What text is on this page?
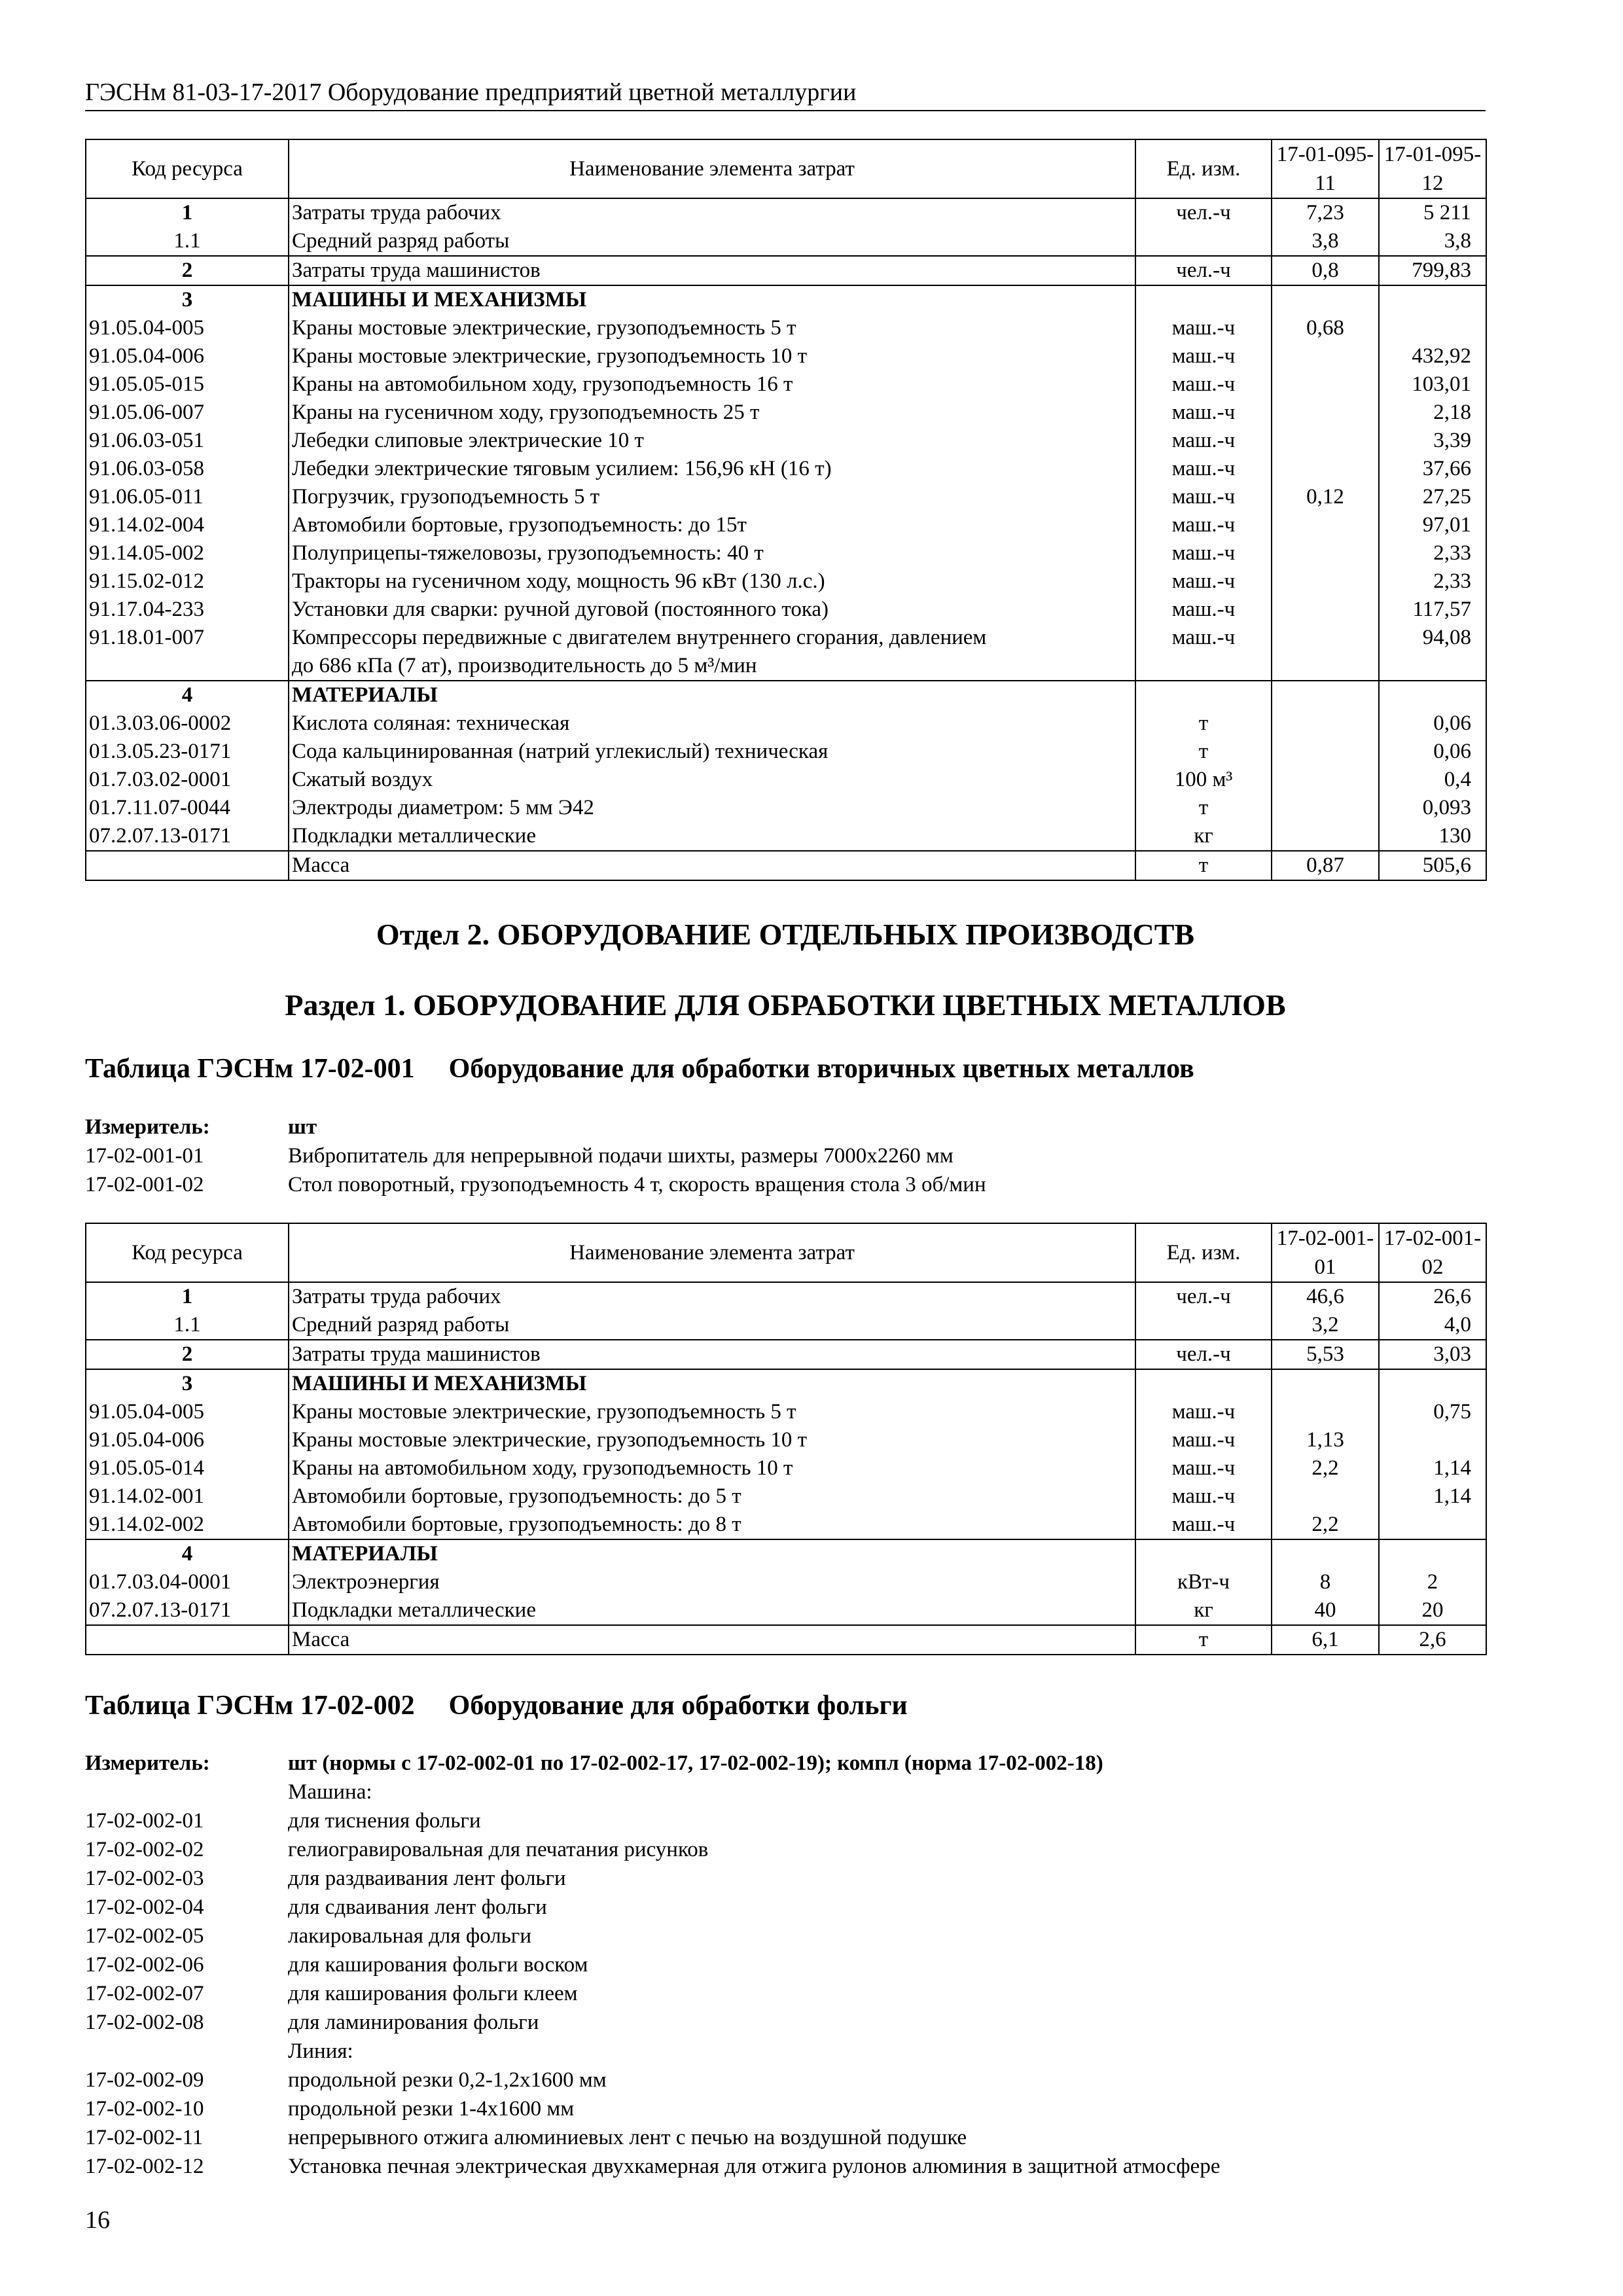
ГЭСНм 81-03-17-2017 Оборудование предприятий цветной металлургии
Код ресурса	Наименование элемента затрат	Ед. изм.	17-01-095-11	17-01-095-12
1	Затраты труда рабочих	чел.-ч	7,23	5 211
1.1	Средний разряд работы		3,8	3,8
2	Затраты труда машинистов	чел.-ч	0,8	799,83
3	МАШИНЫ И МЕХАНИЗМЫ			
91.05.04-005	Краны мостовые электрические, грузоподъемность 5 т	маш.-ч	0,68	
91.05.04-006	Краны мостовые электрические, грузоподъемность 10 т	маш.-ч		432,92
91.05.05-015	Краны на автомобильном ходу, грузоподъемность 16 т	маш.-ч		103,01
91.05.06-007	Краны на гусеничном ходу, грузоподъемность 25 т	маш.-ч		2,18
91.06.03-051	Лебедки слиповые электрические 10 т	маш.-ч		3,39
91.06.03-058	Лебедки электрические тяговым усилием: 156,96 кН (16 т)	маш.-ч		37,66
91.06.05-011	Погрузчик, грузоподъемность 5 т	маш.-ч	0,12	27,25
91.14.02-004	Автомобили бортовые, грузоподъемность: до 15т	маш.-ч		97,01
91.14.05-002	Полуприцепы-тяжеловозы, грузоподъемность: 40 т	маш.-ч		2,33
91.15.02-012	Тракторы на гусеничном ходу, мощность 96 кВт (130 л.с.)	маш.-ч		2,33
91.17.04-233	Установки для сварки: ручной дуговой (постоянного тока)	маш.-ч		117,57
91.18.01-007	Компрессоры передвижные с двигателем внутреннего сгорания, давлением
до 686 кПа (7 ат), производительность до 5 м³/мин	маш.-ч		94,08
4	МАТЕРИАЛЫ			
01.3.03.06-0002	Кислота соляная: техническая	т		0,06
01.3.05.23-0171	Сода кальцинированная (натрий углекислый) техническая	т		0,06
01.7.03.02-0001	Сжатый воздух	100 м³		0,4
01.7.11.07-0044	Электроды диаметром: 5 мм Э42	т		0,093
07.2.07.13-0171	Подкладки металлические	кг		130
	Масса	т	0,87	505,6
Отдел 2. ОБОРУДОВАНИЕ ОТДЕЛЬНЫХ ПРОИЗВОДСТВ
Раздел 1. ОБОРУДОВАНИЕ ДЛЯ ОБРАБОТКИ ЦВЕТНЫХ МЕТАЛЛОВ
Таблица ГЭСНм 17-02-001 Оборудование для обработки вторичных цветных металлов
Измеритель:	шт
17-02-001-01	Вибропитатель для непрерывной подачи шихты, размеры 7000х2260 мм
17-02-001-02	Стол поворотный, грузоподъемность 4 т, скорость вращения стола 3 об/мин
Код ресурса	Наименование элемента затрат	Ед. изм.	17-02-001-01	17-02-001-02
1	Затраты труда рабочих	чел.-ч	46,6	26,6
1.1	Средний разряд работы		3,2	4,0
2	Затраты труда машинистов	чел.-ч	5,53	3,03
3	МАШИНЫ И МЕХАНИЗМЫ			
91.05.04-005	Краны мостовые электрические, грузоподъемность 5 т	маш.-ч		0,75
91.05.04-006	Краны мостовые электрические, грузоподъемность 10 т	маш.-ч	1,13	
91.05.05-014	Краны на автомобильном ходу, грузоподъемность 10 т	маш.-ч	2,2	1,14
91.14.02-001	Автомобили бортовые, грузоподъемность: до 5 т	маш.-ч		1,14
91.14.02-002	Автомобили бортовые, грузоподъемность: до 8 т	маш.-ч	2,2	
4	МАТЕРИАЛЫ			
01.7.03.04-0001	Электроэнергия	кВт-ч	8	2
07.2.07.13-0171	Подкладки металлические	кг	40	20
	Масса	т	6,1	2,6
Таблица ГЭСНм 17-02-002 Оборудование для обработки фольги
Измеритель:	шт (нормы с 17-02-002-01 по 17-02-002-17, 17-02-002-19); компл (норма 17-02-002-18)
Машина:
17-02-002-01	для тиснения фольги
17-02-002-02	гелиогравировальная для печатания рисунков
17-02-002-03	для раздваивания лент фольги
17-02-002-04	для сдваивания лент фольги
17-02-002-05	лакировальная для фольги
17-02-002-06	для каширования фольги воском
17-02-002-07	для каширования фольги клеем
17-02-002-08	для ламинирования фольги
Линия:
17-02-002-09	продольной резки 0,2-1,2х1600 мм
17-02-002-10	продольной резки 1-4х1600 мм
17-02-002-11	непрерывного отжига алюминиевых лент с печью на воздушной подушке
17-02-002-12	Установка печная электрическая двухкамерная для отжига рулонов алюминия в защитной атмосфере
16
